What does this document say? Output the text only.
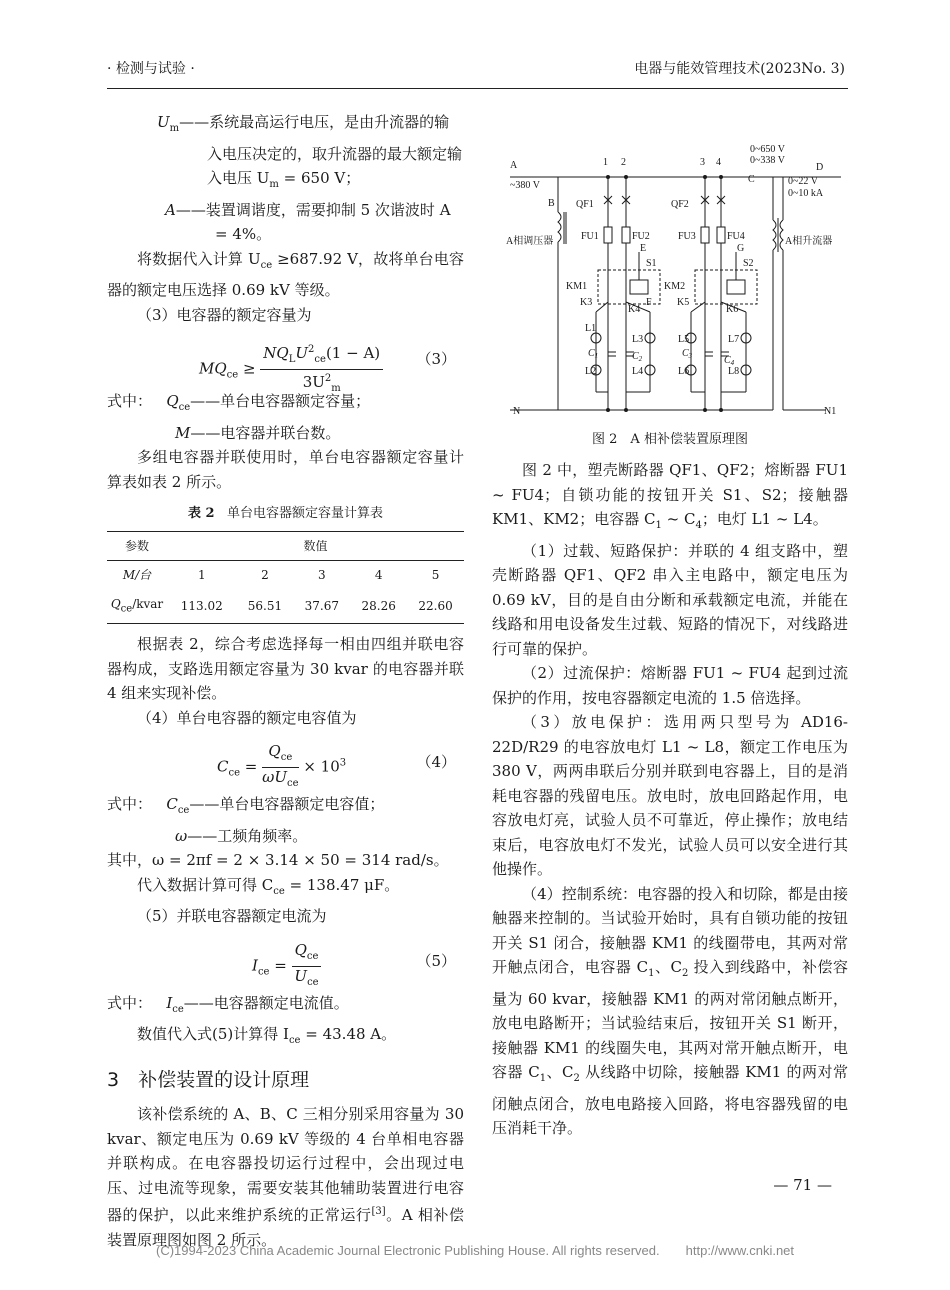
· 检测与试验 ·	电器与能效管理技术(2023No. 3)

$U_m——$系统最高运行电压，是由升流器的输入电压决定的，取升流器的最大额定输入电压 $U_m = 650$ V；

A——装置调谐度，需要抑制 5 次谐波时 A = 4%。

将数据代入计算 $U_{ce} \ge 687.92$ V，故将单台电容器的额定电压选择 0.69 kV 等级。

（3）电容器的额定容量为

$MQ_{ce} \ge \frac{NQ_LU^2_{ce}(1 - A)}{3U^2_m} (3)$

式中： $Q_{ce}——$单台电容器额定容量；

M——电容器并联台数。

多组电容器并联使用时，单台电容器额定容量计算表如表 2 所示。

表 2 单台电容器额定容量计算表
参数	数值				
M/台	1	2	3	4	5
$Q_{ce}$/kvar	113.02	56.51	37.67	28.26	22.60

根据表 2，综合考虑选择每一相由四组并联电容器构成，支路选用额定容量为 30 kvar 的电容器并联 4 组来实现补偿。

（4）单台电容器的额定电容值为

$C_{ce} = \frac{Q_{ce}}{\omega U_{ce}} \times 10^3$	（4）

式中： $C_{ce}——$单台电容器额定电容值；

ω——工频角频率。

其中，ω = 2πf = 2 × 3.14 × 50 = 314 rad/s。

代入数据计算可得 $C_{ce} = 138.47$ μF。

（5）并联电容器额定电流为

$I_{ce} = \frac{Q_{ce}}{U_{ce}}$	（5）

式中： $I_{ce}——$电容器额定电流值。

数值代入式(5)计算得 $I_{ce} = 43.48$ A。

3　补偿装置的设计原理

该补偿系统的 A、B、C 三相分别采用容量为 30 kvar、额定电压为 0.69 kV 等级的 4 台单相电容器并联构成。在电容器投切运行过程中，会出现过电压、过电流等现象，需要安装其他辅助装置进行电容器的保护，以此来维护系统的正常运行[3]。A 相补偿装置原理图如图 2 所示。

A
~380 V
B
1 2	3 4
0~650 V
0~338 V
C
D
0~22 V
0~10 kA
QF1	QF2
FU1	FU2	FU3	FU4
E	G
S1	S2
KM1	KM2
K3
K4
F	K5
K6
L1
L2
L3
L4
L5
L6
L7
L8
$C_1$	$C_2$	$C_3$	$C_4$
N	N1
A相调压器	A相升流器
图 2　A 相补偿装置原理图

图 2 中，塑壳断路器 QF1、QF2；熔断器 FU1 ~ FU4；自锁功能的按钮开关 S1、S2；接触器 KM1、KM2；电容器 $C_1$ ~ $C_4$；电灯 L1 ~ L4。

（1）过载、短路保护：并联的 4 组支路中，塑壳断路器 QF1、QF2 串入主电路中，额定电压为 0.69 kV，目的是自由分断和承载额定电流，并能在线路和用电设备发生过载、短路的情况下，对线路进行可靠的保护。

（2）过流保护：熔断器 FU1 ~ FU4 起到过流保护的作用，按电容器额定电流的 1.5 倍选择。

（3）放电保护：选用两只型号为 AD16-22D/R29 的电容放电灯 L1 ~ L8，额定工作电压为 380 V，两两串联后分别并联到电容器上，目的是消耗电容器的残留电压。放电时，放电回路起作用，电容放电灯亮，试验人员不可靠近，停止操作；放电结束后，电容放电灯不发光，试验人员可以安全进行其他操作。

（4）控制系统：电容器的投入和切除，都是由接触器来控制的。当试验开始时，具有自锁功能的按钮开关 S1 闭合，接触器 KM1 的线圈带电，其两对常开触点闭合，电容器 $C_1$、$C_2$ 投入到线路中，补偿容量为 60 kvar，接触器 KM1 的两对常闭触点断开，放电电路断开；当试验结束后，按钮开关 S1 断开，接触器 KM1 的线圈失电，其两对常开触点断开，电容器 $C_1$、$C_2$ 从线路中切除，接触器 KM1 的两对常闭触点闭合，放电电路接入回路，将电容器残留的电压消耗干净。

— 71 —
(C)1994-2023 China Academic Journal Electronic Publishing House. All rights reserved.　　http://www.cnki.net
